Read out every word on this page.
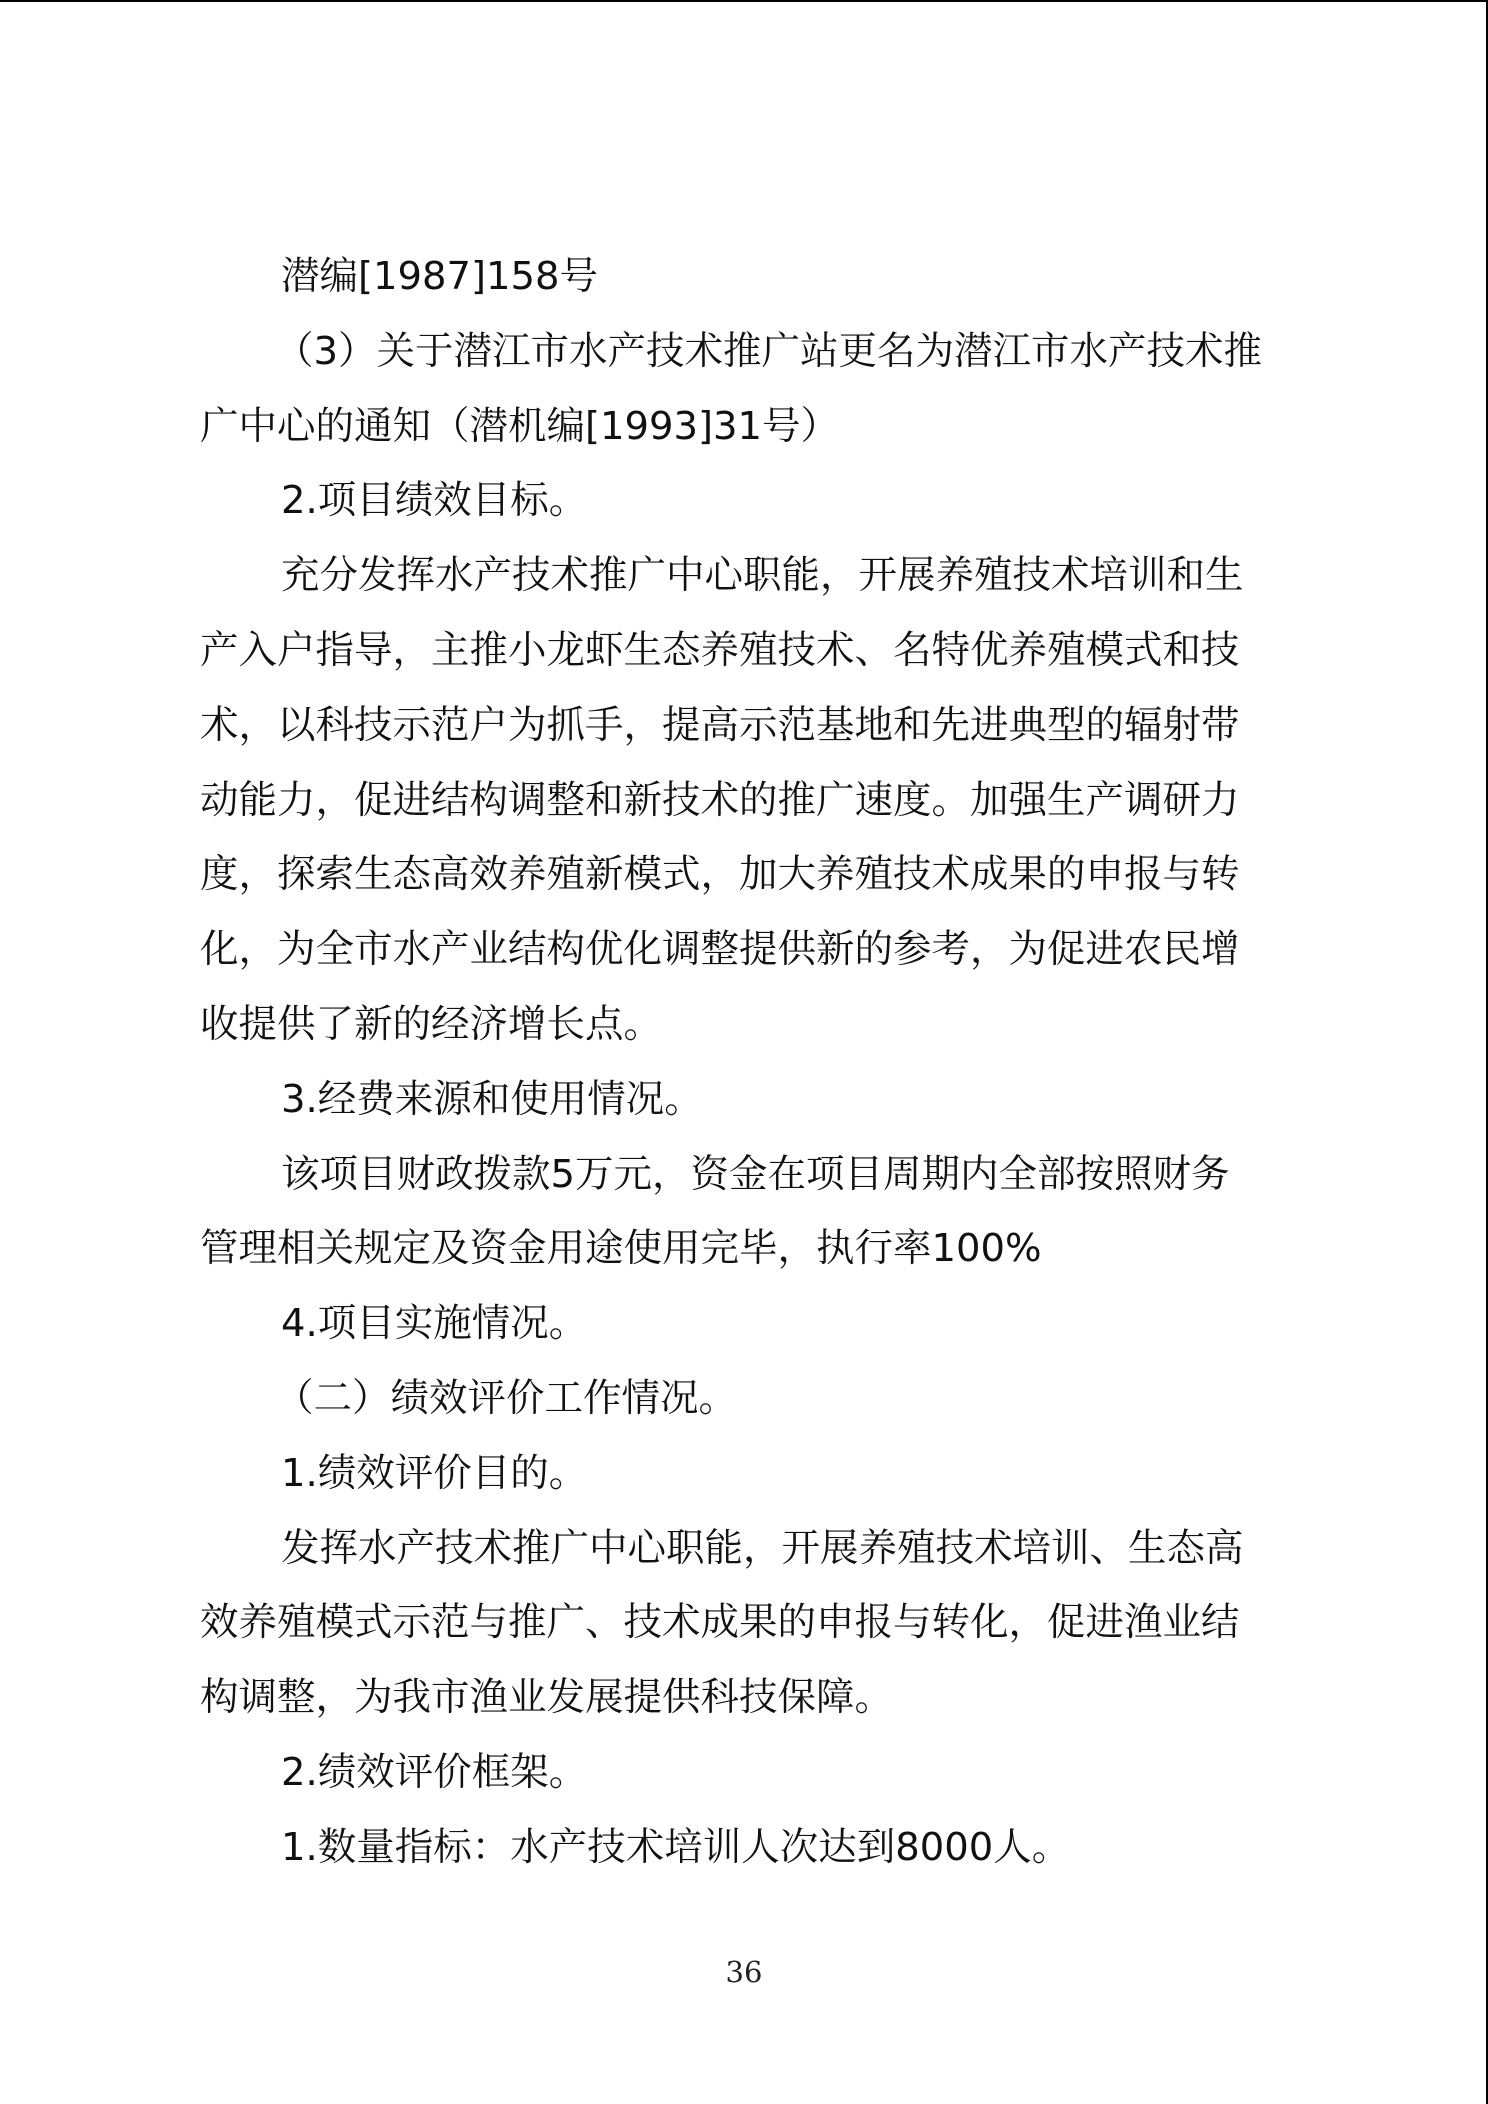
潜编[1987]158号
（3）关于潜江市水产技术推广站更名为潜江市水产技术推
广中心的通知（潜机编[1993]31号）
2.项目绩效目标。
充分发挥水产技术推广中心职能，开展养殖技术培训和生
产入户指导，主推小龙虾生态养殖技术、名特优养殖模式和技
术，以科技示范户为抓手，提高示范基地和先进典型的辐射带
动能力，促进结构调整和新技术的推广速度。加强生产调研力
度，探索生态高效养殖新模式，加大养殖技术成果的申报与转
化，为全市水产业结构优化调整提供新的参考，为促进农民增
收提供了新的经济增长点。
3.经费来源和使用情况。
该项目财政拨款5万元，资金在项目周期内全部按照财务
管理相关规定及资金用途使用完毕，执行率100%
4.项目实施情况。
（二）绩效评价工作情况。
1.绩效评价目的。
发挥水产技术推广中心职能，开展养殖技术培训、生态高
效养殖模式示范与推广、技术成果的申报与转化，促进渔业结
构调整，为我市渔业发展提供科技保障。
2.绩效评价框架。
1.数量指标：水产技术培训人次达到8000人。
36
